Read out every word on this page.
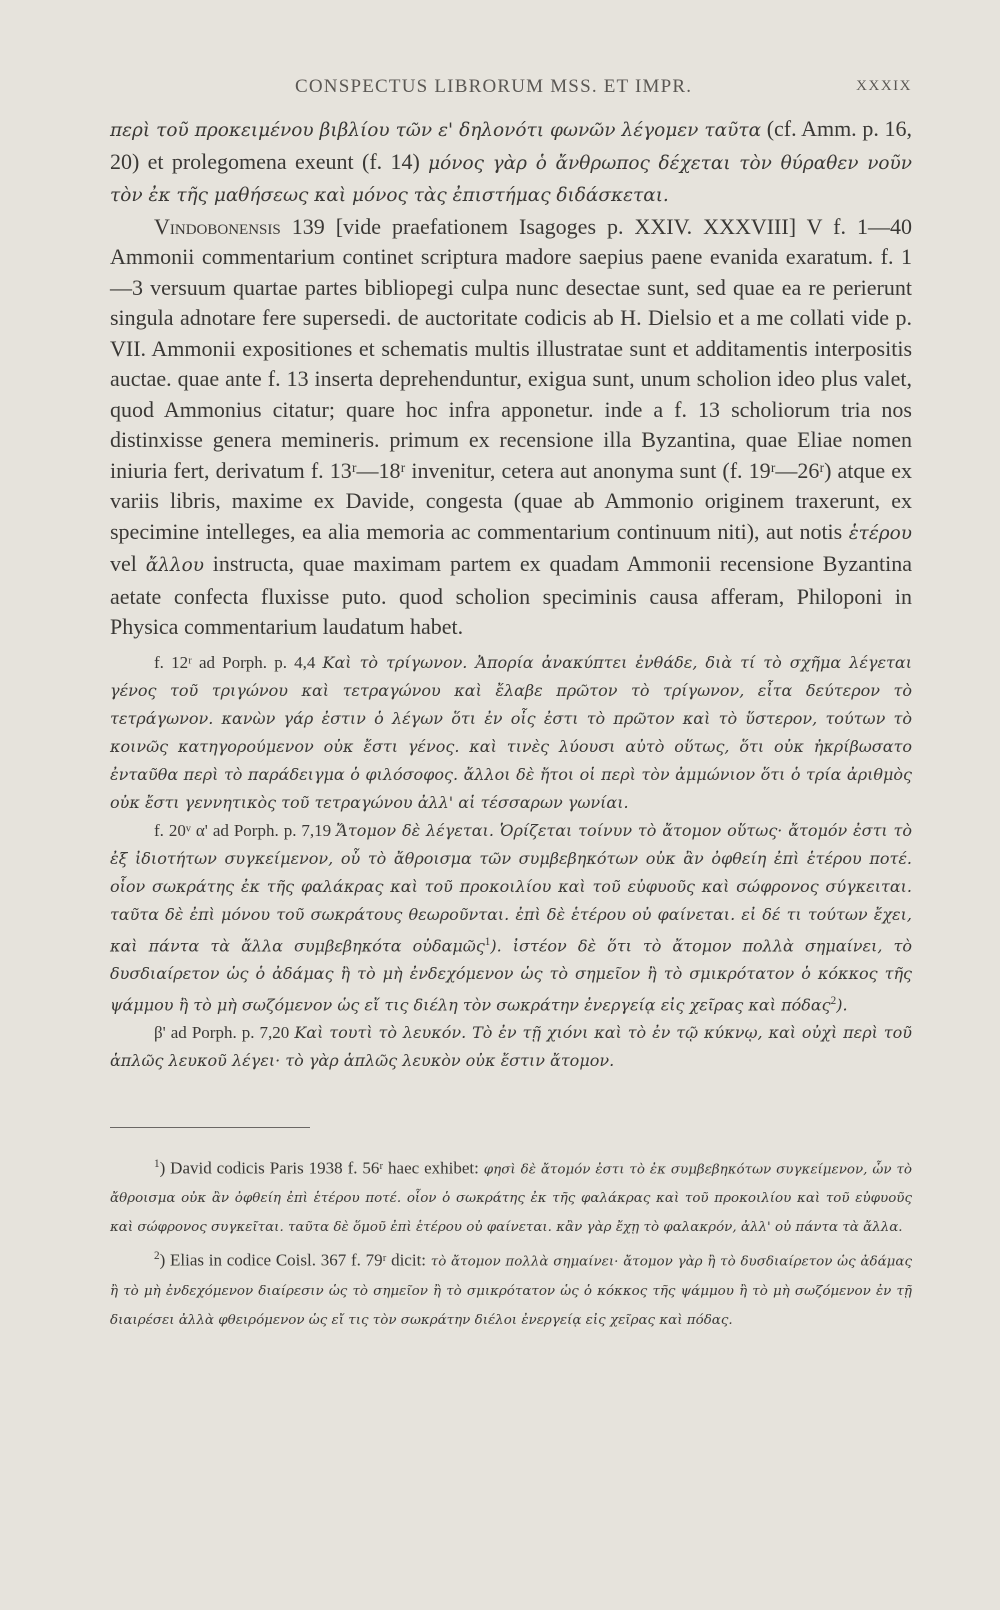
CONSPECTUS LIBRORUM MSS. ET IMPR.	XXXIX

περὶ τοῦ προκειμένου βιβλίου τῶν ε' δηλονότι φωνῶν λέγομεν ταῦτα (cf. Amm. p. 16, 20) et prolegomena exeunt (f. 14) μόνος γὰρ ὁ ἄνθρωπος δέχεται τὸν θύραθεν νοῦν τὸν ἐκ τῆς μαθήσεως καὶ μόνος τὰς ἐπιστήμας διδάσκεται.

Vindobonensis 139 [vide praefationem Isagoges p. XXIV. XXXVIII] V f. 1—40 Ammonii commentarium continet scriptura madore saepius paene evanida exaratum. f. 1—3 versuum quartae partes bibliopegi culpa nunc desectae sunt, sed quae ea re perierunt singula adnotare fere supersedi. de auctoritate codicis ab H. Dielsio et a me collati vide p. VII. Ammonii expositiones et schematis multis illustratae sunt et additamentis interpositis auctae. quae ante f. 13 inserta deprehenduntur, exigua sunt, unum scholion ideo plus valet, quod Ammonius citatur; quare hoc infra apponetur. inde a f. 13 scholiorum tria nos distinxisse genera memineris. primum ex recensione illa Byzantina, quae Eliae nomen iniuria fert, derivatum f. 13ʳ—18ʳ invenitur, cetera aut anonyma sunt (f. 19ʳ—26ʳ) atque ex variis libris, maxime ex Davide, congesta (quae ab Ammonio originem traxerunt, ex specimine intelleges, ea alia memoria ac commentarium continuum niti), aut notis ἑτέρου vel ἄλλου instructa, quae maximam partem ex quadam Ammonii recensione Byzantina aetate confecta fluxisse puto. quod scholion speciminis causa afferam, Philoponi in Physica commentarium laudatum habet.

f. 12ʳ ad Porph. p. 4,4 Καὶ τὸ τρίγωνον. Ἀπορία ἀνακύπτει ἐνθάδε, διὰ τί τὸ σχῆμα λέγεται γένος τοῦ τριγώνου καὶ τετραγώνου καὶ ἔλαβε πρῶτον τὸ τρίγωνον, εἶτα δεύτερον τὸ τετράγωνον. κανὼν γάρ ἐστιν ὁ λέγων ὅτι ἐν οἷς ἐστι τὸ πρῶτον καὶ τὸ ὕστερον, τούτων τὸ κοινῶς κατηγορούμενον οὐκ ἔστι γένος. καὶ τινὲς λύουσι αὐτὸ οὕτως, ὅτι οὐκ ἠκρίβωσατο ἐνταῦθα περὶ τὸ παράδειγμα ὁ φιλόσοφος. ἄλλοι δὲ ἤτοι οἱ περὶ τὸν ἀμμώνιον ὅτι ὁ τρία ἀριθμὸς οὐκ ἔστι γεννητικὸς τοῦ τετραγώνου ἀλλ' αἱ τέσσαρων γωνίαι.

f. 20ᵛ α' ad Porph. p. 7,19 Ἄτομον δὲ λέγεται. Ὁρίζεται τοίνυν τὸ ἄτομον οὕτως· ἄτομόν ἐστι τὸ ἐξ ἰδιοτήτων συγκείμενον, οὗ τὸ ἄθροισμα τῶν συμβεβηκότων οὐκ ἂν ὀφθείη ἐπὶ ἑτέρου ποτέ. οἷον σωκράτης ἐκ τῆς φαλάκρας καὶ τοῦ προκοιλίου καὶ τοῦ εὐφυοῦς καὶ σώφρονος σύγκειται. ταῦτα δὲ ἐπὶ μόνου τοῦ σωκράτους θεωροῦνται. ἐπὶ δὲ ἑτέρου οὐ φαίνεται. εἰ δέ τι τούτων ἔχει, καὶ πάντα τὰ ἄλλα συμβεβηκότα οὐδαμῶς$^1$). ἰστέον δὲ ὅτι τὸ ἄτομον πολλὰ σημαίνει, τὸ δυσδιαίρετον ὡς ὁ ἀδάμας ἢ τὸ μὴ ἐνδεχόμενον ὡς τὸ σημεῖον ἢ τὸ σμικρότατον ὁ κόκκος τῆς ψάμμου ἢ τὸ μὴ σωζόμενον ὡς εἴ τις διέλη τὸν σωκράτην ἐνεργείᾳ εἰς χεῖρας καὶ πόδας$^2$).

β' ad Porph. p. 7,20 Καὶ τουτὶ τὸ λευκόν. Τὸ ἐν τῇ χιόνι καὶ τὸ ἐν τῷ κύκνῳ, καὶ οὐχὶ περὶ τοῦ ἁπλῶς λευκοῦ λέγει· τὸ γὰρ ἁπλῶς λευκὸν οὐκ ἔστιν ἄτομον.

$^1$) David codicis Paris 1938 f. 56ʳ haec exhibet: φησὶ δὲ ἄτομόν ἐστι τὸ ἐκ συμβεβηκότων συγκείμενον, ὧν τὸ ἄθροισμα οὐκ ἂν ὀφθείη ἐπὶ ἑτέρου ποτέ. οἷον ὁ σωκράτης ἐκ τῆς φαλάκρας καὶ τοῦ προκοιλίου καὶ τοῦ εὐφυοῦς καὶ σώφρονος συγκεῖται. ταῦτα δὲ ὅμοῦ ἐπὶ ἑτέρου οὐ φαίνεται. κἂν γὰρ ἔχῃ τὸ φαλακρόν, ἀλλ' οὐ πάντα τὰ ἄλλα.

$^2$) Elias in codice Coisl. 367 f. 79ʳ dicit: τὸ ἄτομον πολλὰ σημαίνει· ἄτομον γὰρ ἢ τὸ δυσδιαίρετον ὡς ἀδάμας ἢ τὸ μὴ ἐνδεχόμενον διαίρεσιν ὡς τὸ σημεῖον ἢ τὸ σμικρότατον ὡς ὁ κόκκος τῆς ψάμμου ἢ τὸ μὴ σωζόμενον ἐν τῇ διαιρέσει ἀλλὰ φθειρόμενον ὡς εἴ τις τὸν σωκράτην διέλοι ἐνεργείᾳ εἰς χεῖρας καὶ πόδας.
